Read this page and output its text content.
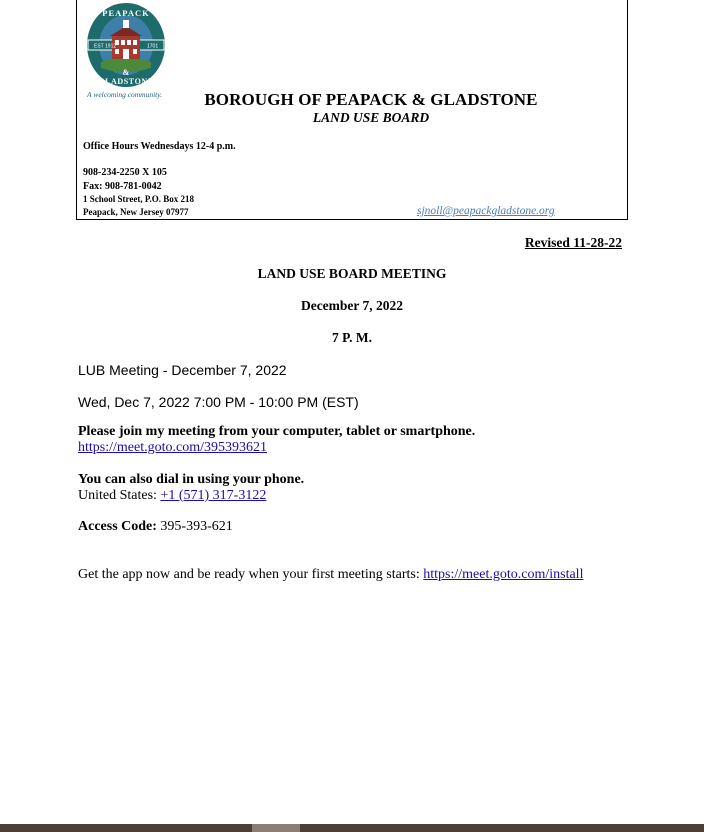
PEAPACK
EST 1912	1701
&
GLADSTONE
A welcoming community.	BOROUGH OF PEAPACK & GLADSTONE
LAND USE BOARD
Office Hours Wednesdays 12-4 p.m.
908-234-2250 X 105
Fax: 908-781-0042
1 School Street, P.O. Box 218
Peapack, New Jersey 07977	sjnoll@peapackgladstone.org
Revised 11-28-22
LAND USE BOARD MEETING
December 7, 2022
7 P. M.
LUB Meeting - December 7, 2022
Wed, Dec 7, 2022 7:00 PM - 10:00 PM (EST)
Please join my meeting from your computer, tablet or smartphone.
https://meet.goto.com/395393621
You can also dial in using your phone.
United States: +1 (571) 317-3122
Access Code: 395-393-621
Get the app now and be ready when your first meeting starts: https://meet.goto.com/install
